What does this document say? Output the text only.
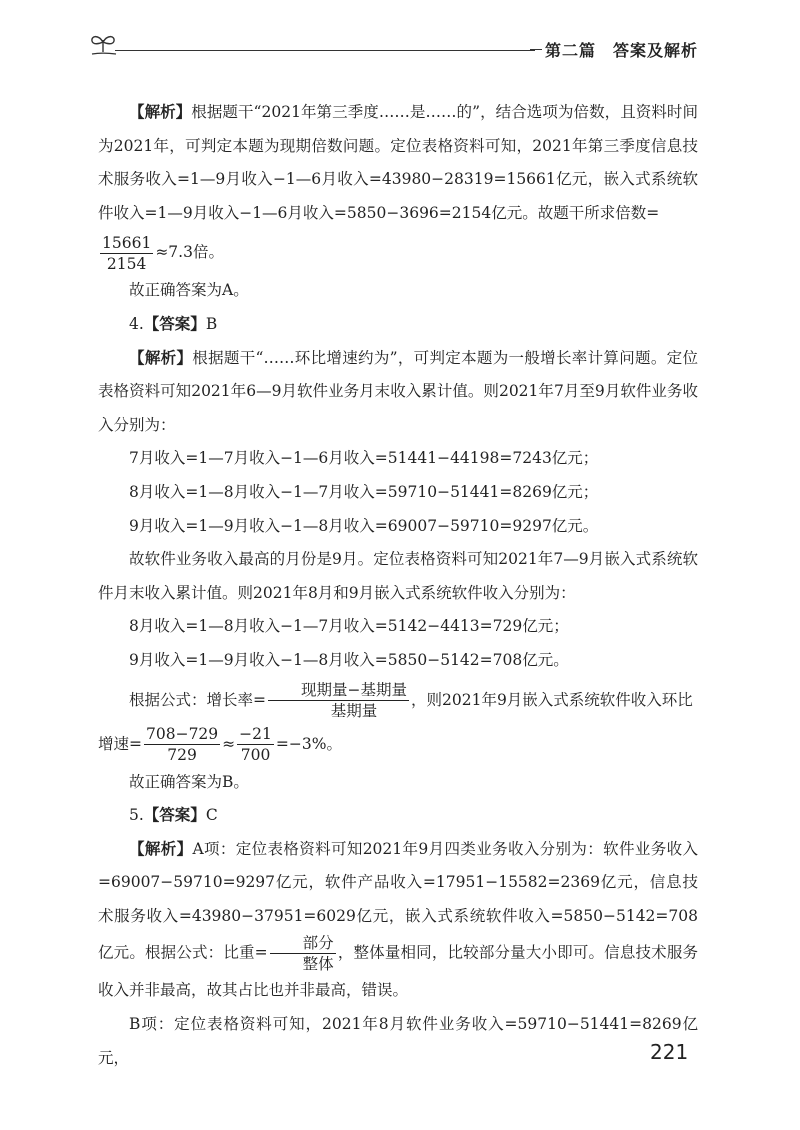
第二篇　答案及解析

【解析】根据题干“2021年第三季度……是……的”，结合选项为倍数，且资料时间为2021年，可判定本题为现期倍数问题。定位表格资料可知，2021年第三季度信息技术服务收入=1—9月收入−1—6月收入=43980−28319=15661亿元，嵌入式系统软件收入=1—9月收入−1—6月收入=5850−3696=2154亿元。故题干所求倍数=

$\frac{15661}{2154} \approx 7.3$倍。

故正确答案为A。

4.【答案】B

【解析】根据题干“……环比增速约为”，可判定本题为一般增长率计算问题。定位表格资料可知2021年6—9月软件业务月末收入累计值。则2021年7月至9月软件业务收入分别为：

7月收入=1—7月收入−1—6月收入=51441−44198=7243亿元；

8月收入=1—8月收入−1—7月收入=59710−51441=8269亿元；

9月收入=1—9月收入−1—8月收入=69007−59710=9297亿元。

故软件业务收入最高的月份是9月。定位表格资料可知2021年7—9月嵌入式系统软件月末收入累计值。则2021年8月和9月嵌入式系统软件收入分别为：

8月收入=1—8月收入−1—7月收入=5142−4413=729亿元；

9月收入=1—9月收入−1—8月收入=5850−5142=708亿元。

根据公式：增长率= $\frac{\text{现期量−基期量}}{\text{基期量}}$ ，则2021年9月嵌入式系统软件收入环比

增速= $\frac{708-729}{729} \approx \frac{-21}{700} =-3\%$。

故正确答案为B。

5.【答案】C

【解析】A项：定位表格资料可知2021年9月四类业务收入分别为：软件业务收入=69007−59710=9297亿元，软件产品收入=17951−15582=2369亿元，信息技术服务收入=43980−37951=6029亿元，嵌入式系统软件收入=5850−5142=708亿元。根据公式：比重= $\frac{\text{部分}}{\text{整体}}$ ，整体量相同，比较部分量大小即可。信息技术服务收入并非最高，故其占比也并非最高，错误。

B项：定位表格资料可知，2021年8月软件业务收入=59710−51441=8269亿元，	221
